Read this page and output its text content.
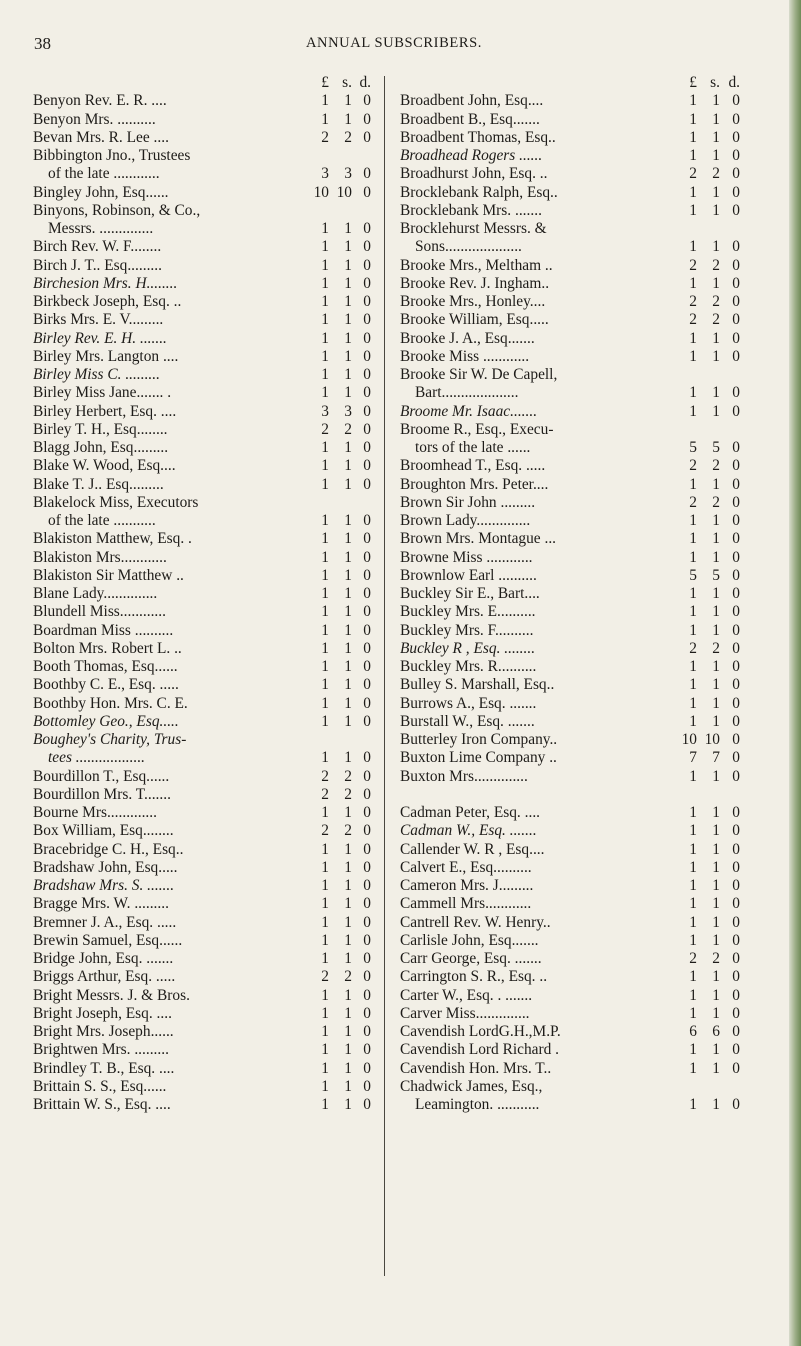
38	ANNUAL SUBSCRIBERS.
£ s. d.
Benyon Rev. E. R. ....	1 1 0
Benyon Mrs. ..........	1 1 0
Bevan Mrs. R. Lee ....	2 2 0
Bibbington Jno., Trustees
of the late ............	3 3 0
Bingley John, Esq......	10 10 0
Binyons, Robinson, & Co.,
Messrs. ..............	1 1 0
Birch Rev. W. F........	1 1 0
Birch J. T.. Esq.........	1 1 0
Birchesion Mrs. H........	1 1 0
Birkbeck Joseph, Esq. ..	1 1 0
Birks Mrs. E. V.........	1 1 0
Birley Rev. E. H. .......	1 1 0
Birley Mrs. Langton ....	1 1 0
Birley Miss C. .........	1 1 0
Birley Miss Jane....... .	1 1 0
Birley Herbert, Esq. ....	3 3 0
Birley T. H., Esq........	2 2 0
Blagg John, Esq.........	1 1 0
Blake W. Wood, Esq....	1 1 0
Blake T. J.. Esq.........	1 1 0
Blakelock Miss, Executors
of the late ...........	1 1 0
Blakiston Matthew, Esq. .	1 1 0
Blakiston Mrs............	1 1 0
Blakiston Sir Matthew ..	1 1 0
Blane Lady..............	1 1 0
Blundell Miss............	1 1 0
Boardman Miss ..........	1 1 0
Bolton Mrs. Robert L. ..	1 1 0
Booth Thomas, Esq......	1 1 0
Boothby C. E., Esq. .....	1 1 0
Boothby Hon. Mrs. C. E.	1 1 0
Bottomley Geo., Esq.....	1 1 0
Boughey's Charity, Trus-
tees ..................	1 1 0
Bourdillon T., Esq......	2 2 0
Bourdillon Mrs. T.......	2 2 0
Bourne Mrs.............	1 1 0
Box William, Esq........	2 2 0
Bracebridge C. H., Esq..	1 1 0
Bradshaw John, Esq.....	1 1 0
Bradshaw Mrs. S. .......	1 1 0
Bragge Mrs. W. .........	1 1 0
Bremner J. A., Esq. .....	1 1 0
Brewin Samuel, Esq......	1 1 0
Bridge John, Esq. .......	1 1 0
Briggs Arthur, Esq. .....	2 2 0
Bright Messrs. J. & Bros.	1 1 0
Bright Joseph, Esq. ....	1 1 0
Bright Mrs. Joseph......	1 1 0
Brightwen Mrs. .........	1 1 0
Brindley T. B., Esq. ....	1 1 0
Brittain S. S., Esq......	1 1 0
Brittain W. S., Esq. ....	1 1 0
£ s. d.
Broadbent John, Esq....	1 1 0
Broadbent B., Esq.......	1 1 0
Broadbent Thomas, Esq..	1 1 0
Broadhead Rogers ......	1 1 0
Broadhurst John, Esq. ..	2 2 0
Brocklebank Ralph, Esq..	1 1 0
Brocklebank Mrs. .......	1 1 0
Brocklehurst Messrs. &
Sons....................	1 1 0
Brooke Mrs., Meltham ..	2 2 0
Brooke Rev. J. Ingham..	1 1 0
Brooke Mrs., Honley....	2 2 0
Brooke William, Esq.....	2 2 0
Brooke J. A., Esq.......	1 1 0
Brooke Miss ............	1 1 0
Brooke Sir W. De Capell,
Bart....................	1 1 0
Broome Mr. Isaac.......	1 1 0
Broome R., Esq., Execu-
tors of the late ......	5 5 0
Broomhead T., Esq. .....	2 2 0
Broughton Mrs. Peter....	1 1 0
Brown Sir John .........	2 2 0
Brown Lady..............	1 1 0
Brown Mrs. Montague ...	1 1 0
Browne Miss ............	1 1 0
Brownlow Earl ..........	5 5 0
Buckley Sir E., Bart....	1 1 0
Buckley Mrs. E..........	1 1 0
Buckley Mrs. F..........	1 1 0
Buckley R , Esq. ........	2 2 0
Buckley Mrs. R..........	1 1 0
Bulley S. Marshall, Esq..	1 1 0
Burrows A., Esq. .......	1 1 0
Burstall W., Esq. .......	1 1 0
Butterley Iron Company..	10 10 0
Buxton Lime Company ..	7 7 0
Buxton Mrs..............	1 1 0
Cadman Peter, Esq. ....	1 1 0
Cadman W., Esq. .......	1 1 0
Callender W. R , Esq....	1 1 0
Calvert E., Esq..........	1 1 0
Cameron Mrs. J.........	1 1 0
Cammell Mrs............	1 1 0
Cantrell Rev. W. Henry..	1 1 0
Carlisle John, Esq.......	1 1 0
Carr George, Esq. .......	2 2 0
Carrington S. R., Esq. ..	1 1 0
Carter W., Esq. . .......	1 1 0
Carver Miss..............	1 1 0
Cavendish LordG.H.,M.P.	6 6 0
Cavendish Lord Richard .	1 1 0
Cavendish Hon. Mrs. T..	1 1 0
Chadwick James, Esq.,
Leamington. ...........	1 1 0
